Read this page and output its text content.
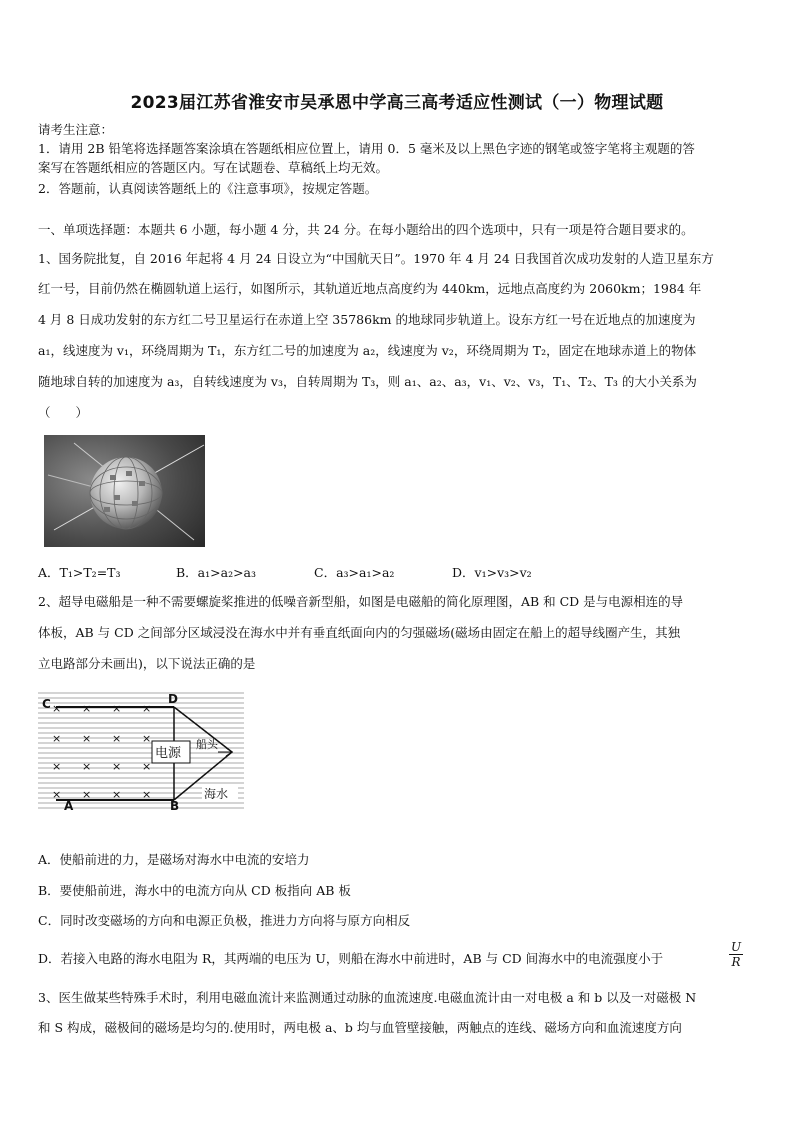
2023届江苏省淮安市吴承恩中学高三高考适应性测试（一）物理试题
请考生注意：
1．请用 2B 铅笔将选择题答案涂填在答题纸相应位置上，请用 0．5 毫米及以上黑色字迹的钢笔或签字笔将主观题的答
案写在答题纸相应的答题区内。写在试题卷、草稿纸上均无效。
2．答题前，认真阅读答题纸上的《注意事项》，按规定答题。
一、单项选择题：本题共 6 小题，每小题 4 分，共 24 分。在每小题给出的四个选项中，只有一项是符合题目要求的。
1、国务院批复，自 2016 年起将 4 月 24 日设立为“中国航天日”。1970 年 4 月 24 日我国首次成功发射的人造卫星东方
红一号，目前仍然在椭圆轨道上运行，如图所示，其轨道近地点高度约为 440km，远地点高度约为 2060km；1984 年
4 月 8 日成功发射的东方红二号卫星运行在赤道上空 35786km 的地球同步轨道上。设东方红一号在近地点的加速度为
a₁，线速度为 v₁，环绕周期为 T₁，东方红二号的加速度为 a₂，线速度为 v₂，环绕周期为 T₂，固定在地球赤道上的物体
随地球自转的加速度为 a₃，自转线速度为 v₃，自转周期为 T₃，则 a₁、a₂、a₃，v₁、v₂、v₃，T₁、T₂、T₃ 的大小关系为
（　　）
A．T₁>T₂=T₃	B．a₁>a₂>a₃	C．a₃>a₁>a₂	D．v₁>v₃>v₂
2、超导电磁船是一种不需要螺旋桨推进的低噪音新型船，如图是电磁船的简化原理图，AB 和 CD 是与电源相连的导
体板，AB 与 CD 之间部分区域浸没在海水中并有垂直纸面向内的匀强磁场(磁场由固定在船上的超导线圈产生，其独
立电路部分未画出)，以下说法正确的是
× × × ×
× × × ×
× × × ×
× × × ×
电源
C	D
A	B
船头
海水
A．使船前进的力，是磁场对海水中电流的安培力
B．要使船前进，海水中的电流方向从 CD 板指向 AB 板
C．同时改变磁场的方向和电源正负极，推进力方向将与原方向相反
D．若接入电路的海水电阻为 R，其两端的电压为 U，则船在海水中前进时，AB 与 CD 间海水中的电流强度小于	$\frac{U}{R}$
3、医生做某些特殊手术时，利用电磁血流计来监测通过动脉的血流速度.电磁血流计由一对电极 a 和 b 以及一对磁极 N
和 S 构成，磁极间的磁场是均匀的.使用时，两电极 a、b 均与血管壁接触，两触点的连线、磁场方向和血流速度方向
